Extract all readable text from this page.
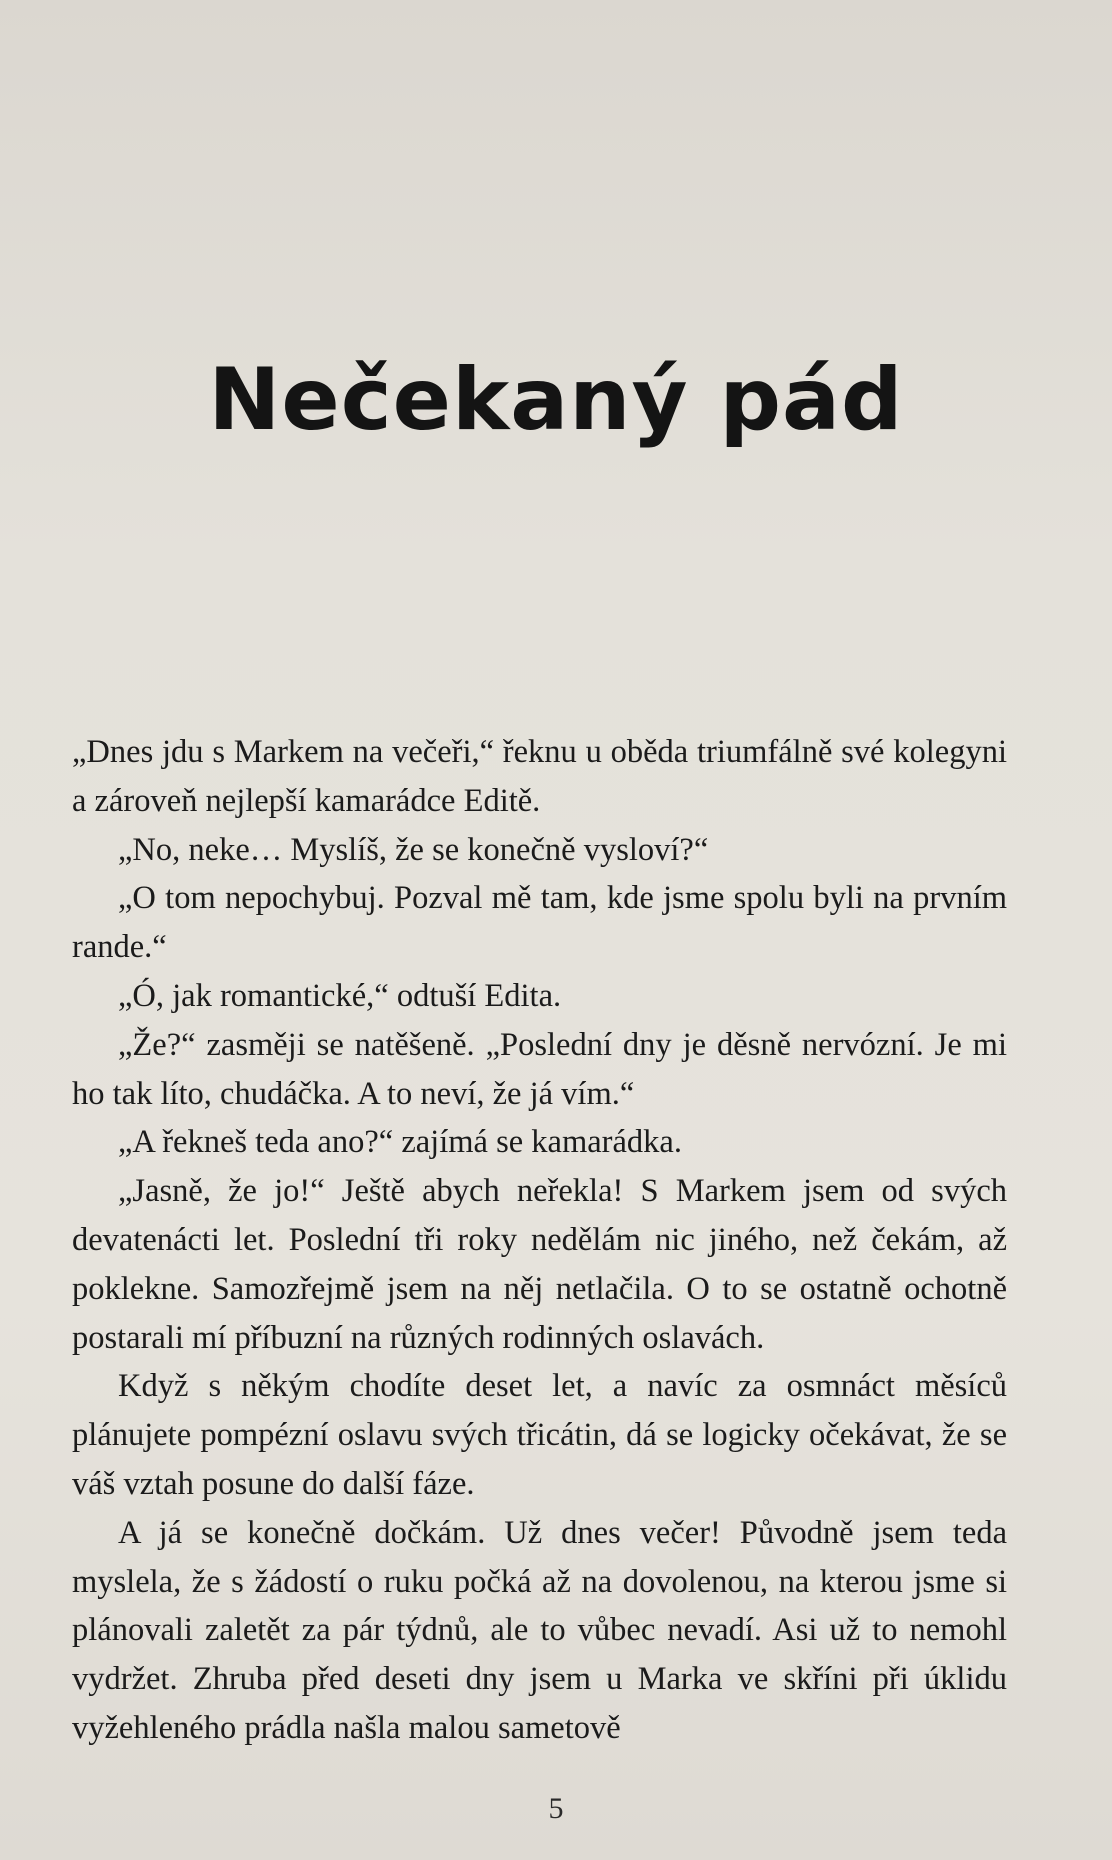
Nečekaný pád

„Dnes jdu s Markem na večeři,“ řeknu u oběda triumfálně své kolegyni a zároveň nejlepší kamarádce Editě.

„No, neke… Myslíš, že se konečně vysloví?“

„O tom nepochybuj. Pozval mě tam, kde jsme spolu byli na prvním rande.“

„Ó, jak romantické,“ odtuší Edita.

„Že?“ zasměji se natěšeně. „Poslední dny je děsně nervózní. Je mi ho tak líto, chudáčka. A to neví, že já vím.“

„A řekneš teda ano?“ zajímá se kamarádka.

„Jasně, že jo!“ Ještě abych neřekla! S Markem jsem od svých devatenácti let. Poslední tři roky nedělám nic jiného, než čekám, až poklekne. Samozřejmě jsem na něj netlačila. O to se ostatně ochotně postarali mí příbuzní na různých rodinných oslavách.

Když s někým chodíte deset let, a navíc za osmnáct měsíců plánujete pompézní oslavu svých třicátin, dá se logicky očekávat, že se váš vztah posune do další fáze.

A já se konečně dočkám. Už dnes večer! Původně jsem teda myslela, že s žádostí o ruku počká až na dovolenou, na kterou jsme si plánovali zaletět za pár týdnů, ale to vůbec nevadí. Asi už to nemohl vydržet. Zhruba před deseti dny jsem u Marka ve skříni při úklidu vyžehleného prádla našla malou sametově

5
